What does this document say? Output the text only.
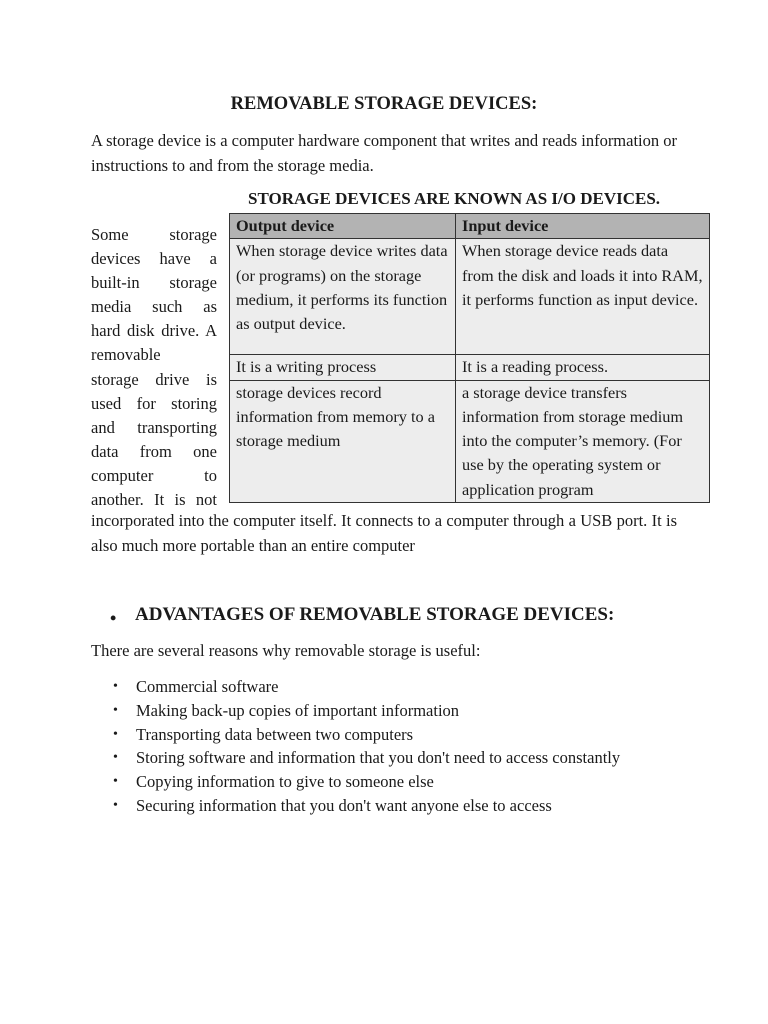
REMOVABLE STORAGE DEVICES:
A storage device is a computer hardware component that writes and reads information or instructions to and from the storage media.
STORAGE DEVICES ARE KNOWN AS I/O DEVICES.
Some storage
devices have a
built-in storage
media such as
hard disk drive. A
removable
storage drive is
used for storing
and transporting
data from one
computer to
another. It is not
Output device	Input device
When storage device writes data (or programs) on the storage medium, it performs its function as output device.	When storage device reads data from the disk and loads it into RAM, it performs function as input device.
It is a writing process	It is a reading process.
storage devices record information from memory to a storage medium	a storage device transfers information from storage medium into the computer’s memory. (For use by the operating system or application program
incorporated into the computer itself. It connects to a computer through a USB port. It is also much more portable than an entire computer
• ADVANTAGES OF REMOVABLE STORAGE DEVICES:
There are several reasons why removable storage is useful:
• Commercial software
• Making back-up copies of important information
• Transporting data between two computers
• Storing software and information that you don't need to access constantly
• Copying information to give to someone else
• Securing information that you don't want anyone else to access
